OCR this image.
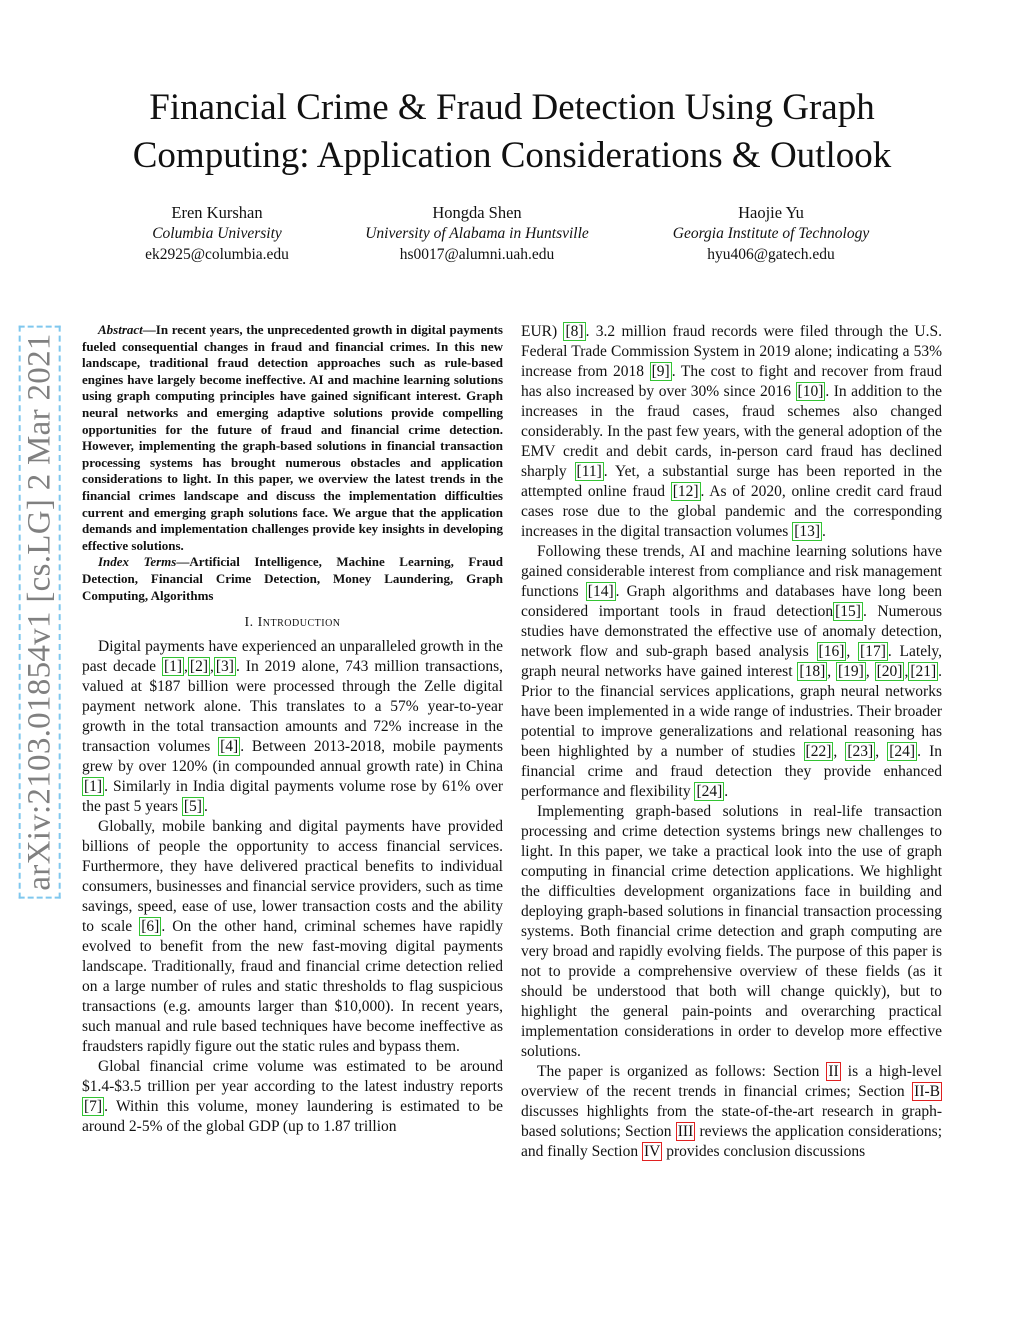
Financial Crime & Fraud Detection Using Graph
Computing: Application Considerations & Outlook
Eren Kurshan
Columbia University
ek2925@columbia.edu
Hongda Shen
University of Alabama in Huntsville
hs0017@alumni.uah.edu
Haojie Yu
Georgia Institute of Technology
hyu406@gatech.edu
arXiv:2103.01854v1 [cs.LG] 2 Mar 2021

Abstract—In recent years, the unprecedented growth in digital payments fueled consequential changes in fraud and financial crimes. In this new landscape, traditional fraud detection approaches such as rule-based engines have largely become ineffective. AI and machine learning solutions using graph computing principles have gained significant interest. Graph neural networks and emerging adaptive solutions provide compelling opportunities for the future of fraud and financial crime detection. However, implementing the graph-based solutions in financial transaction processing systems has brought numerous obstacles and application considerations to light. In this paper, we overview the latest trends in the financial crimes landscape and discuss the implementation difficulties current and emerging graph solutions face. We argue that the application demands and implementation challenges provide key insights in developing effective solutions.

Index Terms—Artificial Intelligence, Machine Learning, Fraud Detection, Financial Crime Detection, Money Laundering, Graph Computing, Algorithms

I. Introduction

Digital payments have experienced an unparalleled growth in the past decade [1] , [2] , [3] . In 2019 alone, 743 million transactions, valued at $187 billion were processed through the Zelle digital payment network alone. This translates to a 57% year-to-year growth in the total transaction amounts and 72% increase in the transaction volumes [4] . Between 2013-2018, mobile payments grew by over 120% (in compounded annual growth rate) in China [1] . Similarly in India digital payments volume rose by 61% over the past 5 years [5] .

Globally, mobile banking and digital payments have provided billions of people the opportunity to access financial services. Furthermore, they have delivered practical benefits to individual consumers, businesses and financial service providers, such as time savings, speed, ease of use, lower transaction costs and the ability to scale [6] . On the other hand, criminal schemes have rapidly evolved to benefit from the new fast-moving digital payments landscape. Traditionally, fraud and financial crime detection relied on a large number of rules and static thresholds to flag suspicious transactions (e.g. amounts larger than $10,000). In recent years, such manual and rule based techniques have become ineffective as fraudsters rapidly figure out the static rules and bypass them.

Global financial crime volume was estimated to be around $1.4-$3.5 trillion per year according to the latest industry reports [7] . Within this volume, money laundering is estimated to be around 2-5% of the global GDP (up to 1.87 trillion

EUR) [8] . 3.2 million fraud records were filed through the U.S. Federal Trade Commission System in 2019 alone; indicating a 53% increase from 2018 [9] . The cost to fight and recover from fraud has also increased by over 30% since 2016 [10] . In addition to the increases in the fraud cases, fraud schemes also changed considerably. In the past few years, with the general adoption of the EMV credit and debit cards, in-person card fraud has declined sharply [11] . Yet, a substantial surge has been reported in the attempted online fraud [12] . As of 2020, online credit card fraud cases rose due to the global pandemic and the corresponding increases in the digital transaction volumes [13] .

Following these trends, AI and machine learning solutions have gained considerable interest from compliance and risk management functions [14] . Graph algorithms and databases have long been considered important tools in fraud detection [15] . Numerous studies have demonstrated the effective use of anomaly detection, network flow and sub-graph based analysis [16] , [17] . Lately, graph neural networks have gained interest [18] , [19] , [20] , [21] . Prior to the financial services applications, graph neural networks have been implemented in a wide range of industries. Their broader potential to improve generalizations and relational reasoning has been highlighted by a number of studies [22] , [23] , [24] . In financial crime and fraud detection they provide enhanced performance and flexibility [24] .

Implementing graph-based solutions in real-life transaction processing and crime detection systems brings new challenges to light. In this paper, we take a practical look into the use of graph computing in financial crime detection applications. We highlight the difficulties development organizations face in building and deploying graph-based solutions in financial transaction processing systems. Both financial crime detection and graph computing are very broad and rapidly evolving fields. The purpose of this paper is not to provide a comprehensive overview of these fields (as it should be understood that both will change quickly), but to highlight the general pain-points and overarching practical implementation considerations in order to develop more effective solutions.

The paper is organized as follows: Section II is a high-level overview of the recent trends in financial crimes; Section II-B discusses highlights from the state-of-the-art research in graph-based solutions; Section III reviews the application considerations; and finally Section IV provides conclusion discussions
